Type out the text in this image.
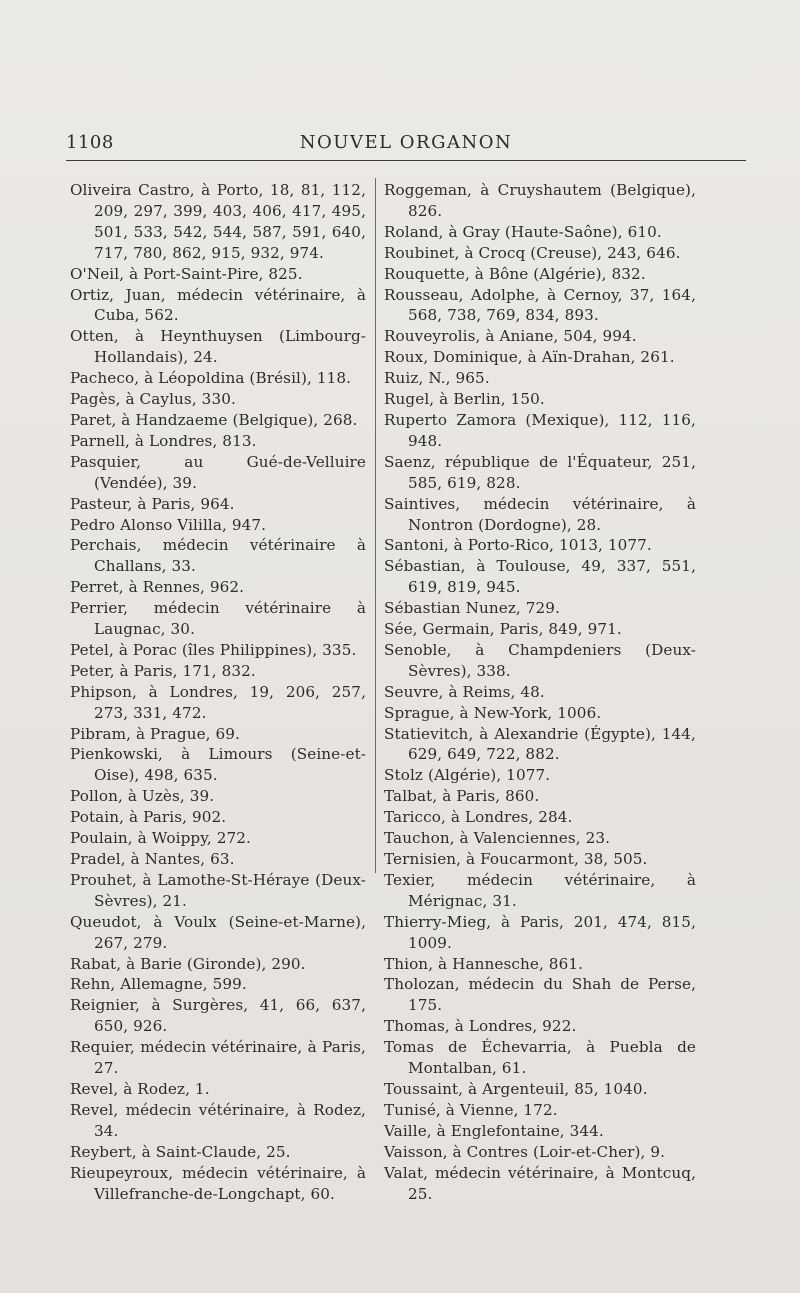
1108	NOUVEL ORGANON

Oliveira Castro, à Porto, 18, 81, 112, 209, 297, 399, 403, 406, 417, 495, 501, 533, 542, 544, 587, 591, 640, 717, 780, 862, 915, 932, 974.

O'Neil, à Port-Saint-Pire, 825.

Ortiz, Juan, médecin vétérinaire, à Cuba, 562.

Otten, à Heynthuysen (Limbourg-Hollandais), 24.

Pacheco, à Léopoldina (Brésil), 118.

Pagès, à Caylus, 330.

Paret, à Handzaeme (Belgique), 268.

Parnell, à Londres, 813.

Pasquier, au Gué-de-Velluire (Vendée), 39.

Pasteur, à Paris, 964.

Pedro Alonso Vililla, 947.

Perchais, médecin vétérinaire à Challans, 33.

Perret, à Rennes, 962.

Perrier, médecin vétérinaire à Laugnac, 30.

Petel, à Porac (îles Philippines), 335.

Peter, à Paris, 171, 832.

Phipson, à Londres, 19, 206, 257, 273, 331, 472.

Pibram, à Prague, 69.

Pienkowski, à Limours (Seine-et-Oise), 498, 635.

Pollon, à Uzès, 39.

Potain, à Paris, 902.

Poulain, à Woippy, 272.

Pradel, à Nantes, 63.

Prouhet, à Lamothe-St-Héraye (Deux-Sèvres), 21.

Queudot, à Voulx (Seine-et-Marne), 267, 279.

Rabat, à Barie (Gironde), 290.

Rehn, Allemagne, 599.

Reignier, à Surgères, 41, 66, 637, 650, 926.

Requier, médecin vétérinaire, à Paris, 27.

Revel, à Rodez, 1.

Revel, médecin vétérinaire, à Rodez, 34.

Reybert, à Saint-Claude, 25.

Rieupeyroux, médecin vétérinaire, à Villefranche-de-Longchapt, 60.

Roggeman, à Cruyshautem (Belgique), 826.

Roland, à Gray (Haute-Saône), 610.

Roubinet, à Crocq (Creuse), 243, 646.

Rouquette, à Bône (Algérie), 832.

Rousseau, Adolphe, à Cernoy, 37, 164, 568, 738, 769, 834, 893.

Rouveyrolis, à Aniane, 504, 994.

Roux, Dominique, à Aïn-Drahan, 261.

Ruiz, N., 965.

Rugel, à Berlin, 150.

Ruperto Zamora (Mexique), 112, 116, 948.

Saenz, république de l'Équateur, 251, 585, 619, 828.

Saintives, médecin vétérinaire, à Nontron (Dordogne), 28.

Santoni, à Porto-Rico, 1013, 1077.

Sébastian, à Toulouse, 49, 337, 551, 619, 819, 945.

Sébastian Nunez, 729.

Sée, Germain, Paris, 849, 971.

Senoble, à Champdeniers (Deux-Sèvres), 338.

Seuvre, à Reims, 48.

Sprague, à New-York, 1006.

Statievitch, à Alexandrie (Égypte), 144, 629, 649, 722, 882.

Stolz (Algérie), 1077.

Talbat, à Paris, 860.

Taricco, à Londres, 284.

Tauchon, à Valenciennes, 23.

Ternisien, à Foucarmont, 38, 505.

Texier, médecin vétérinaire, à Mérignac, 31.

Thierry-Mieg, à Paris, 201, 474, 815, 1009.

Thion, à Hannesche, 861.

Tholozan, médecin du Shah de Perse, 175.

Thomas, à Londres, 922.

Tomas de Échevarria, à Puebla de Montalban, 61.

Toussaint, à Argenteuil, 85, 1040.

Tunisé, à Vienne, 172.

Vaille, à Englefontaine, 344.

Vaisson, à Contres (Loir-et-Cher), 9.

Valat, médecin vétérinaire, à Montcuq, 25.
